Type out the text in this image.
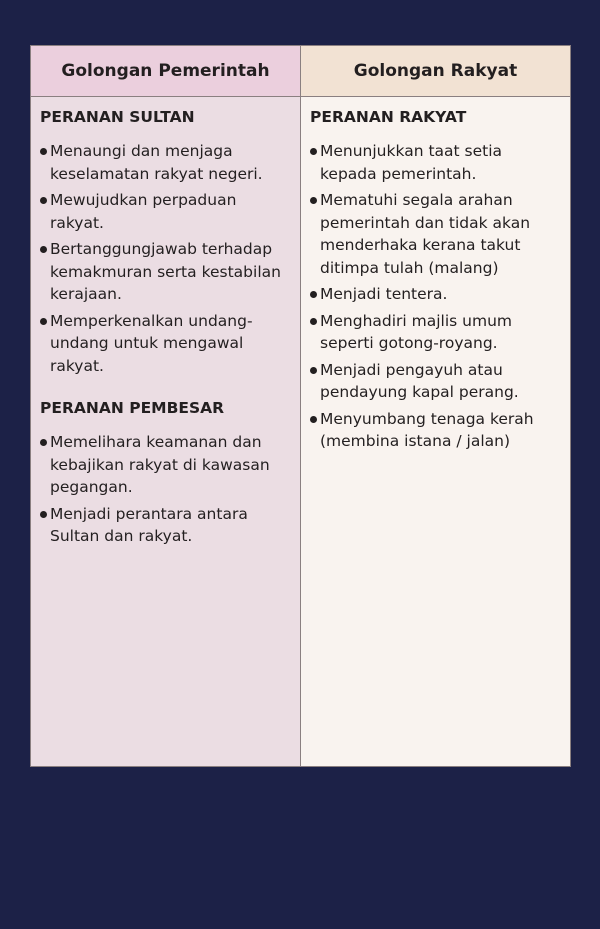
Golongan Pemerintah
PERANAN SULTAN
Menaungi dan menjaga keselamatan rakyat negeri.
Mewujudkan perpaduan rakyat.
Bertanggungjawab terhadap kemakmuran serta kestabilan kerajaan.
Memperkenalkan undang-undang untuk mengawal rakyat.
PERANAN PEMBESAR
Memelihara keamanan dan kebajikan rakyat di kawasan pegangan.
Menjadi perantara antara Sultan dan rakyat.
Golongan Rakyat
PERANAN RAKYAT
Menunjukkan taat setia kepada pemerintah.
Mematuhi segala arahan pemerintah dan tidak akan menderhaka kerana takut ditimpa tulah (malang)
Menjadi tentera.
Menghadiri majlis umum seperti gotong-royang.
Menjadi pengayuh atau pendayung kapal perang.
Menyumbang tenaga kerah (membina istana / jalan)
